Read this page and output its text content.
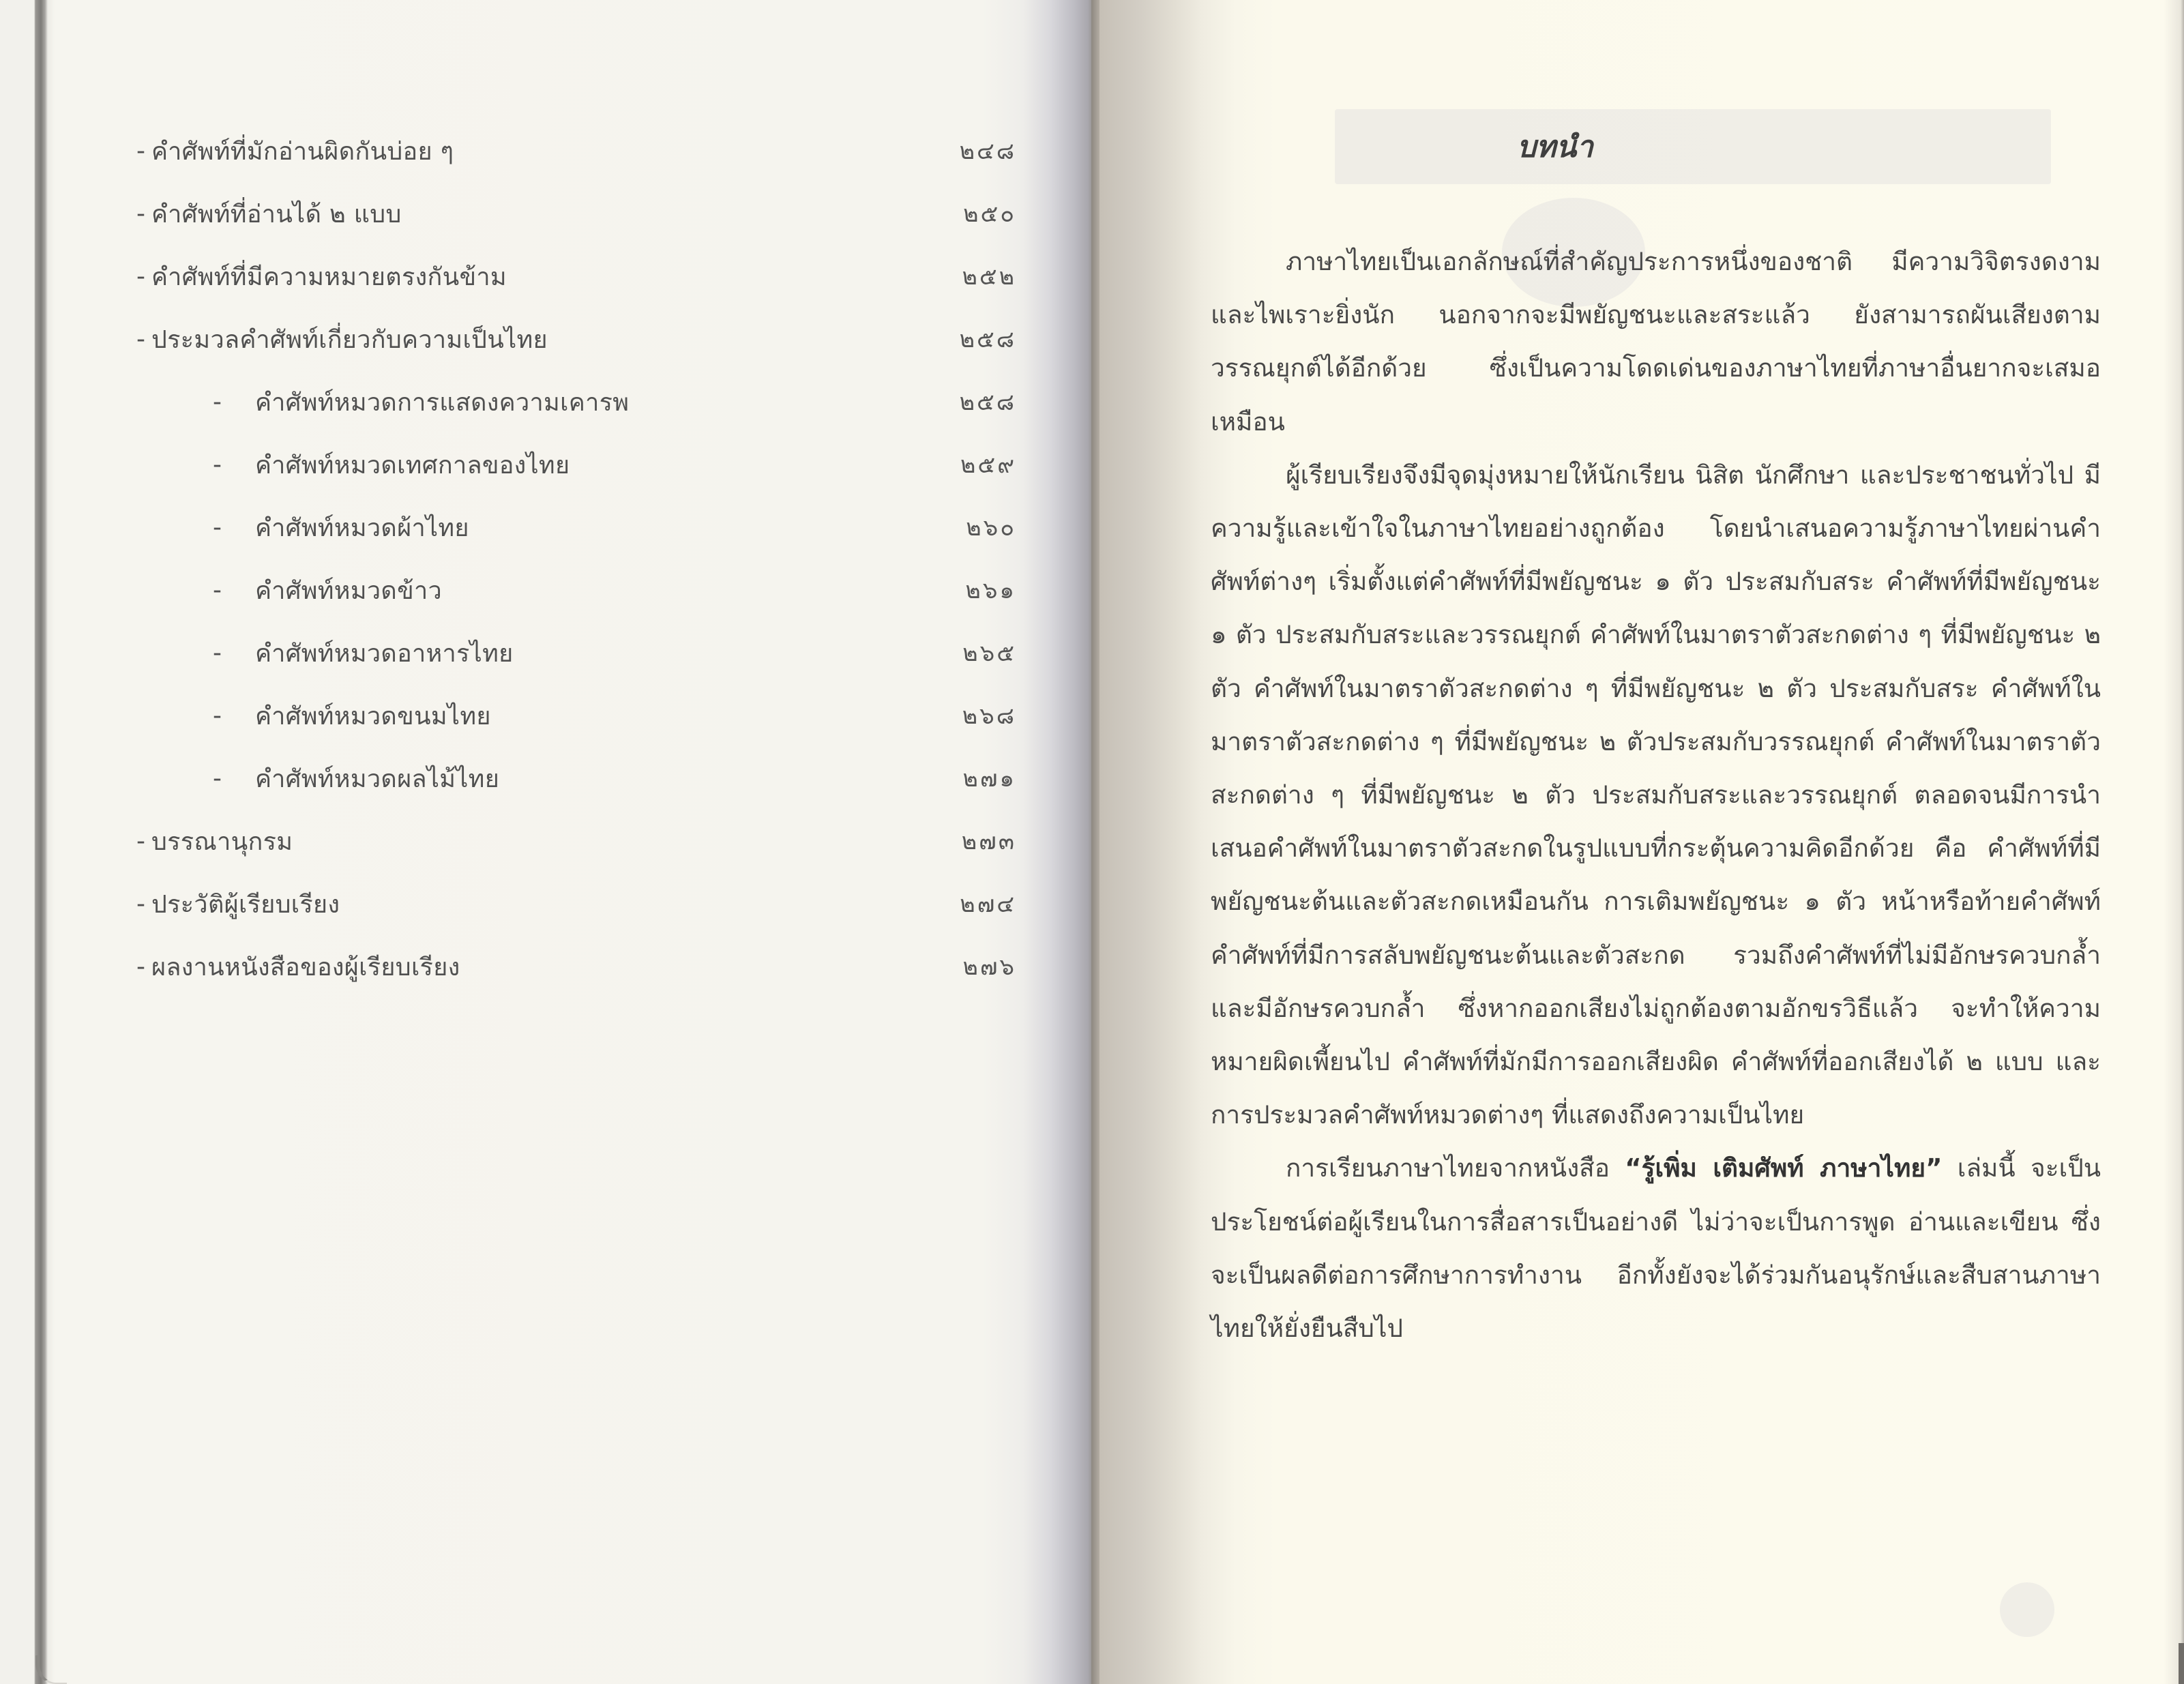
- คำศัพท์ที่มักอ่านผิดกันบ่อย ๆ	๒๔๘
- คำศัพท์ที่อ่านได้ ๒ แบบ	๒๕๐
- คำศัพท์ที่มีความหมายตรงกันข้าม	๒๕๒
- ประมวลคำศัพท์เกี่ยวกับความเป็นไทย	๒๕๘
-	คำศัพท์หมวดการแสดงความเคารพ	๒๕๘
-	คำศัพท์หมวดเทศกาลของไทย	๒๕๙
-	คำศัพท์หมวดผ้าไทย	๒๖๐
-	คำศัพท์หมวดข้าว	๒๖๑
-	คำศัพท์หมวดอาหารไทย	๒๖๕
-	คำศัพท์หมวดขนมไทย	๒๖๘
-	คำศัพท์หมวดผลไม้ไทย	๒๗๑
- บรรณานุกรม	๒๗๓
- ประวัติผู้เรียบเรียง	๒๗๔
- ผลงานหนังสือของผู้เรียบเรียง	๒๗๖
บทนำ

ภาษาไทยเป็นเอกลักษณ์ที่สำคัญประการหนึ่งของชาติ มีความวิจิตรงดงามและไพเราะยิ่งนัก นอกจากจะมีพยัญชนะและสระแล้ว ยังสามารถผันเสียงตามวรรณยุกต์ได้อีกด้วย ซึ่งเป็นความโดดเด่นของภาษาไทยที่ภาษาอื่นยากจะเสมอเหมือน

ผู้เรียบเรียงจึงมีจุดมุ่งหมายให้นักเรียน นิสิต นักศึกษา และประชาชนทั่วไป มีความรู้และเข้าใจในภาษาไทยอย่างถูกต้อง โดยนำเสนอความรู้ภาษาไทยผ่านคำศัพท์ต่างๆ เริ่มตั้งแต่คำศัพท์ที่มีพยัญชนะ ๑ ตัว ประสมกับสระ คำศัพท์ที่มีพยัญชนะ ๑ ตัว ประสมกับสระและวรรณยุกต์ คำศัพท์ในมาตราตัวสะกดต่าง ๆ ที่มีพยัญชนะ ๒ ตัว คำศัพท์ในมาตราตัวสะกดต่าง ๆ ที่มีพยัญชนะ ๒ ตัว ประสมกับสระ คำศัพท์ในมาตราตัวสะกดต่าง ๆ ที่มีพยัญชนะ ๒ ตัวประสมกับวรรณยุกต์ คำศัพท์ในมาตราตัวสะกดต่าง ๆ ที่มีพยัญชนะ ๒ ตัว ประสมกับสระและวรรณยุกต์ ตลอดจนมีการนำเสนอคำศัพท์ในมาตราตัวสะกดในรูปแบบที่กระตุ้นความคิดอีกด้วย คือ คำศัพท์ที่มีพยัญชนะต้นและตัวสะกดเหมือนกัน การเติมพยัญชนะ ๑ ตัว หน้าหรือท้ายคำศัพท์ คำศัพท์ที่มีการสลับพยัญชนะต้นและตัวสะกด รวมถึงคำศัพท์ที่ไม่มีอักษรควบกล้ำและมีอักษรควบกล้ำ ซึ่งหากออกเสียงไม่ถูกต้องตามอักขรวิธีแล้ว จะทำให้ความหมายผิดเพี้ยนไป คำศัพท์ที่มักมีการออกเสียงผิด คำศัพท์ที่ออกเสียงได้ ๒ แบบ และการประมวลคำศัพท์หมวดต่างๆ ที่แสดงถึงความเป็นไทย

การเรียนภาษาไทยจากหนังสือ “รู้เพิ่ม เติมศัพท์ ภาษาไทย” เล่มนี้ จะเป็นประโยชน์ต่อผู้เรียนในการสื่อสารเป็นอย่างดี ไม่ว่าจะเป็นการพูด อ่านและเขียน ซึ่งจะเป็นผลดีต่อการศึกษาการทำงาน อีกทั้งยังจะได้ร่วมกันอนุรักษ์และสืบสานภาษาไทยให้ยั่งยืนสืบไป
